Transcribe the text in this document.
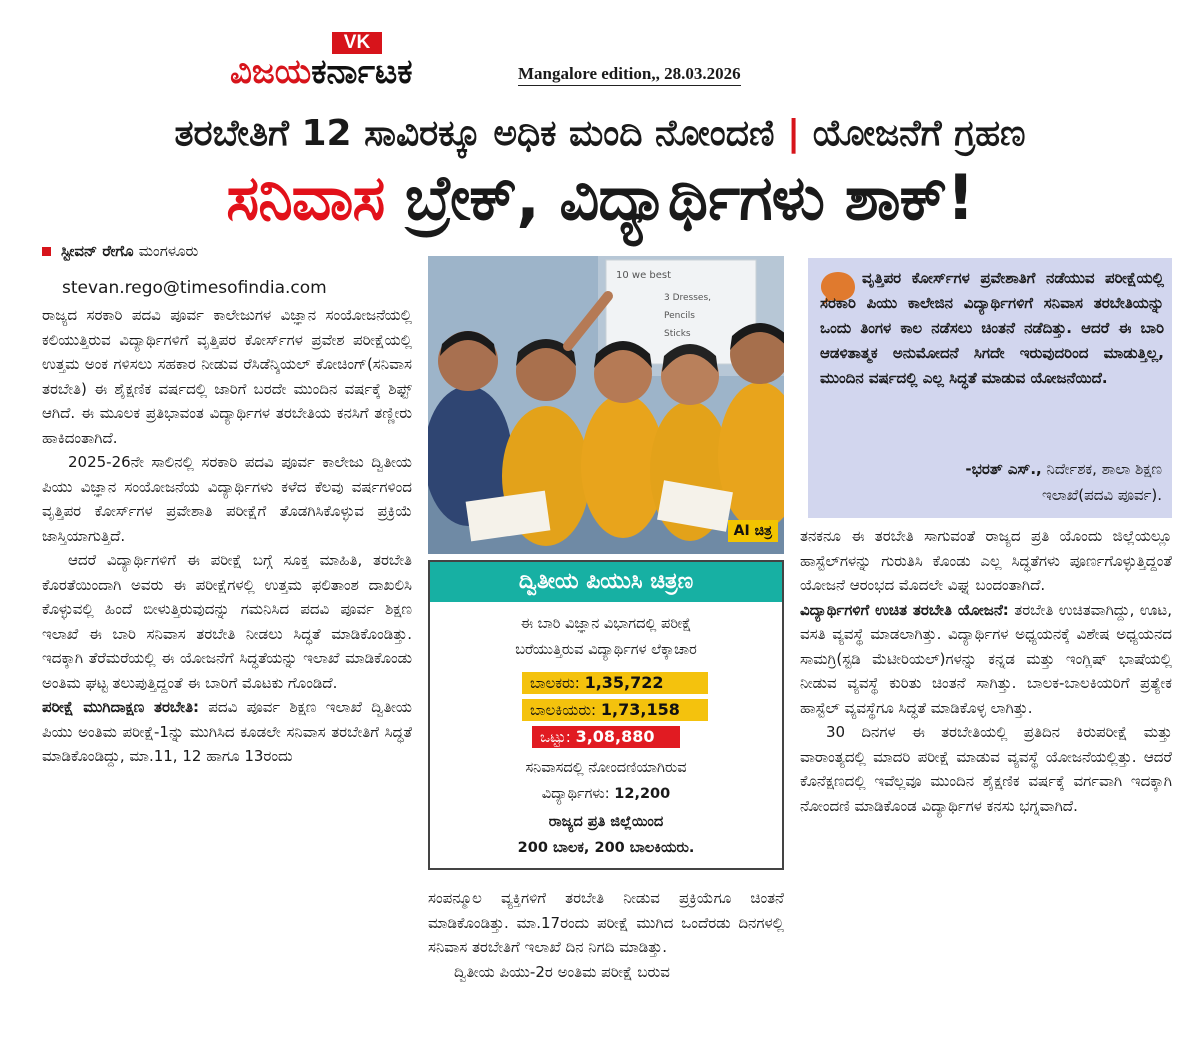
VK
ವಿಜಯಕರ್ನಾಟಕ	Mangalore edition,, 28.03.2026
ತರಬೇತಿಗೆ 12 ಸಾವಿರಕ್ಕೂ ಅಧಿಕ ಮಂದಿ ನೋಂದಣಿ | ಯೋಜನೆಗೆ ಗ್ರಹಣ
ಸನಿವಾಸ ಬ್ರೇಕ್, ವಿದ್ಯಾರ್ಥಿಗಳು ಶಾಕ್!
ಸ್ಟೀವನ್ ರೇಗೊ ಮಂಗಳೂರು
stevan.rego@timesofindia.com

ರಾಜ್ಯದ ಸರಕಾರಿ ಪದವಿ ಪೂರ್ವ ಕಾಲೇಜುಗಳ ವಿಜ್ಞಾನ ಸಂಯೋಜನೆಯಲ್ಲಿ ಕಲಿಯುತ್ತಿರುವ ವಿದ್ಯಾರ್ಥಿಗಳಿಗೆ ವೃತ್ತಿಪರ ಕೋರ್ಸ್‌ಗಳ ಪ್ರವೇಶ ಪರೀಕ್ಷೆಯಲ್ಲಿ ಉತ್ತಮ ಅಂಕ ಗಳಿಸಲು ಸಹಕಾರ ನೀಡುವ ರೆಸಿಡೆನ್ಶಿಯಲ್ ಕೋಚಿಂಗ್‌(ಸನಿವಾಸ ತರಬೇತಿ) ಈ ಶೈಕ್ಷಣಿಕ ವರ್ಷದಲ್ಲಿ ಜಾರಿಗೆ ಬರದೇ ಮುಂದಿನ ವರ್ಷಕ್ಕೆ ಶಿಫ್ಟ್‌ ಆಗಿದೆ. ಈ ಮೂಲಕ ಪ್ರತಿಭಾವಂತ ವಿದ್ಯಾರ್ಥಿಗಳ ತರಬೇತಿಯ ಕನಸಿಗೆ ತಣ್ಣೀರು ಹಾಕಿದಂತಾಗಿದೆ.

2025-26ನೇ ಸಾಲಿನಲ್ಲಿ ಸರಕಾರಿ ಪದವಿ ಪೂರ್ವ ಕಾಲೇಜು ದ್ವಿತೀಯ ಪಿಯು ವಿಜ್ಞಾನ ಸಂಯೋಜನೆಯ ವಿದ್ಯಾರ್ಥಿಗಳು ಕಳೆದ ಕೆಲವು ವರ್ಷಗಳಿಂದ ವೃತ್ತಿಪರ ಕೋರ್ಸ್‌ಗಳ ಪ್ರವೇಶಾತಿ ಪರೀಕ್ಷೆಗೆ ತೊಡಗಿಸಿಕೊಳ್ಳುವ ಪ್ರಕ್ರಿಯೆ ಜಾಸ್ತಿಯಾಗುತ್ತಿದೆ.

ಆದರೆ ವಿದ್ಯಾರ್ಥಿಗಳಿಗೆ ಈ ಪರೀಕ್ಷೆ ಬಗ್ಗೆ ಸೂಕ್ತ ಮಾಹಿತಿ, ತರಬೇತಿ ಕೊರತೆಯಿಂದಾಗಿ ಅವರು ಈ ಪರೀಕ್ಷೆಗಳಲ್ಲಿ ಉತ್ತಮ ಫಲಿತಾಂಶ ದಾಖಲಿಸಿ ಕೊಳ್ಳುವಲ್ಲಿ ಹಿಂದೆ ಬೀಳುತ್ತಿರುವುದನ್ನು ಗಮನಿಸಿದ ಪದವಿ ಪೂರ್ವ ಶಿಕ್ಷಣ ಇಲಾಖೆ ಈ ಬಾರಿ ಸನಿವಾಸ ತರಬೇತಿ ನೀಡಲು ಸಿದ್ಧತೆ ಮಾಡಿಕೊಂಡಿತ್ತು. ಇದಕ್ಕಾಗಿ ತೆರೆಮರೆಯಲ್ಲಿ ಈ ಯೋಜನೆಗೆ ಸಿದ್ಧತೆಯನ್ನು ಇಲಾಖೆ ಮಾಡಿಕೊಂಡು ಅಂತಿಮ ಘಟ್ಟ ತಲುಪುತ್ತಿದ್ದಂತೆ ಈ ಬಾರಿಗೆ ಮೊಟಕು ಗೊಂಡಿದೆ.

ಪರೀಕ್ಷೆ ಮುಗಿದಾಕ್ಷಣ ತರಬೇತಿ: ಪದವಿ ಪೂರ್ವ ಶಿಕ್ಷಣ ಇಲಾಖೆ ದ್ವಿತೀಯ ಪಿಯು ಅಂತಿಮ ಪರೀಕ್ಷೆ-1ನ್ನು ಮುಗಿಸಿದ ಕೂಡಲೇ ಸನಿವಾಸ ತರಬೇತಿಗೆ ಸಿದ್ಧತೆ ಮಾಡಿಕೊಂಡಿದ್ದು, ಮಾ.11, 12 ಹಾಗೂ 13ರಂದು

10 we best
3 Dresses,
Pencils
Sticks
AI ಚಿತ್ರ
ದ್ವಿತೀಯ ಪಿಯುಸಿ ಚಿತ್ರಣ
ಈ ಬಾರಿ ವಿಜ್ಞಾನ ವಿಭಾಗದಲ್ಲಿ ಪರೀಕ್ಷೆ
ಬರೆಯುತ್ತಿರುವ ವಿದ್ಯಾರ್ಥಿಗಳ ಲೆಕ್ಕಾಚಾರ
ಬಾಲಕರು: 1,35,722
ಬಾಲಕಿಯರು: 1,73,158
ಒಟ್ಟು: 3,08,880
ಸನಿವಾಸದಲ್ಲಿ ನೋಂದಣಿಯಾಗಿರುವ
ವಿದ್ಯಾರ್ಥಿಗಳು: 12,200
ರಾಜ್ಯದ ಪ್ರತಿ ಜಿಲ್ಲೆಯಿಂದ
200 ಬಾಲಕ, 200 ಬಾಲಕಿಯರು.

ಸಂಪನ್ಮೂಲ ವ್ಯಕ್ತಿಗಳಿಗೆ ತರಬೇತಿ ನೀಡುವ ಪ್ರಕ್ರಿಯೆಗೂ ಚಿಂತನೆ ಮಾಡಿಕೊಂಡಿತ್ತು. ಮಾ.17ರಂದು ಪರೀಕ್ಷೆ ಮುಗಿದ ಒಂದೆರಡು ದಿನಗಳಲ್ಲಿ ಸನಿವಾಸ ತರಬೇತಿಗೆ ಇಲಾಖೆ ದಿನ ನಿಗದಿ ಮಾಡಿತ್ತು.

ದ್ವಿತೀಯ ಪಿಯು-2ರ ಅಂತಿಮ ಪರೀಕ್ಷೆ ಬರುವ

ವೃತ್ತಿಪರ ಕೋರ್ಸ್‌ಗಳ ಪ್ರವೇಶಾತಿಗೆ ನಡೆಯುವ ಪರೀಕ್ಷೆಯಲ್ಲಿ ಸರಕಾರಿ ಪಿಯು ಕಾಲೇಜಿನ ವಿದ್ಯಾರ್ಥಿಗಳಿಗೆ ಸನಿವಾಸ ತರಬೇತಿಯನ್ನು ಒಂದು ತಿಂಗಳ ಕಾಲ ನಡೆಸಲು ಚಿಂತನೆ ನಡೆದಿತ್ತು. ಆದರೆ ಈ ಬಾರಿ ಆಡಳಿತಾತ್ಮಕ ಅನುಮೋದನೆ ಸಿಗದೇ ಇರುವುದರಿಂದ ಮಾಡುತ್ತಿಲ್ಲ, ಮುಂದಿನ ವರ್ಷದಲ್ಲಿ ಎಲ್ಲ ಸಿದ್ಧತೆ ಮಾಡುವ ಯೋಜನೆಯಿದೆ.
-ಭರತ್ ಎಸ್., ನಿರ್ದೇಶಕ, ಶಾಲಾ ಶಿಕ್ಷಣ
ಇಲಾಖೆ(ಪದವಿ ಪೂರ್ವ).

ತನಕನೂ ಈ ತರಬೇತಿ ಸಾಗುವಂತೆ ರಾಜ್ಯದ ಪ್ರತಿ ಯೊಂದು ಜಿಲ್ಲೆಯಲ್ಲೂ ಹಾಸ್ಟೆಲ್‌ಗಳನ್ನು ಗುರುತಿಸಿ ಕೊಂಡು ಎಲ್ಲ ಸಿದ್ಧತೆಗಳು ಪೂರ್ಣಗೊಳ್ಳುತ್ತಿದ್ದಂತೆ ಯೋಜನೆ ಆರಂಭದ ಮೊದಲೇ ವಿಘ್ನ ಬಂದಂತಾಗಿದೆ.

ವಿದ್ಯಾರ್ಥಿಗಳಿಗೆ ಉಚಿತ ತರಬೇತಿ ಯೋಜನೆ: ತರಬೇತಿ ಉಚಿತವಾಗಿದ್ದು, ಊಟ, ವಸತಿ ವ್ಯವಸ್ಥೆ ಮಾಡಲಾಗಿತ್ತು. ವಿದ್ಯಾರ್ಥಿಗಳ ಅಧ್ಯಯನಕ್ಕೆ ವಿಶೇಷ ಅಧ್ಯಯನದ ಸಾಮಗ್ರಿ(ಸ್ಟಡಿ ಮೆಟೀರಿಯಲ್‌)ಗಳನ್ನು ಕನ್ನಡ ಮತ್ತು ಇಂಗ್ಲಿಷ್ ಭಾಷೆಯಲ್ಲಿ ನೀಡುವ ವ್ಯವಸ್ಥೆ ಕುರಿತು ಚಿಂತನೆ ಸಾಗಿತ್ತು. ಬಾಲಕ-ಬಾಲಕಿಯರಿಗೆ ಪ್ರತ್ಯೇಕ ಹಾಸ್ಟೆಲ್‌ ವ್ಯವಸ್ಥೆಗೂ ಸಿದ್ಧತೆ ಮಾಡಿಕೊಳ್ಳ ಲಾಗಿತ್ತು.

30 ದಿನಗಳ ಈ ತರಬೇತಿಯಲ್ಲಿ ಪ್ರತಿದಿನ ಕಿರುಪರೀಕ್ಷೆ ಮತ್ತು ವಾರಾಂತ್ಯದಲ್ಲಿ ಮಾದರಿ ಪರೀಕ್ಷೆ ಮಾಡುವ ವ್ಯವಸ್ಥೆ ಯೋಜನೆಯಲ್ಲಿತ್ತು. ಆದರೆ ಕೊನೆಕ್ಷಣದಲ್ಲಿ ಇವೆಲ್ಲವೂ ಮುಂದಿನ ಶೈಕ್ಷಣಿಕ ವರ್ಷಕ್ಕೆ ವರ್ಗವಾಗಿ ಇದಕ್ಕಾಗಿ ನೋಂದಣಿ ಮಾಡಿಕೊಂಡ ವಿದ್ಯಾರ್ಥಿಗಳ ಕನಸು ಭಗ್ನವಾಗಿದೆ.
